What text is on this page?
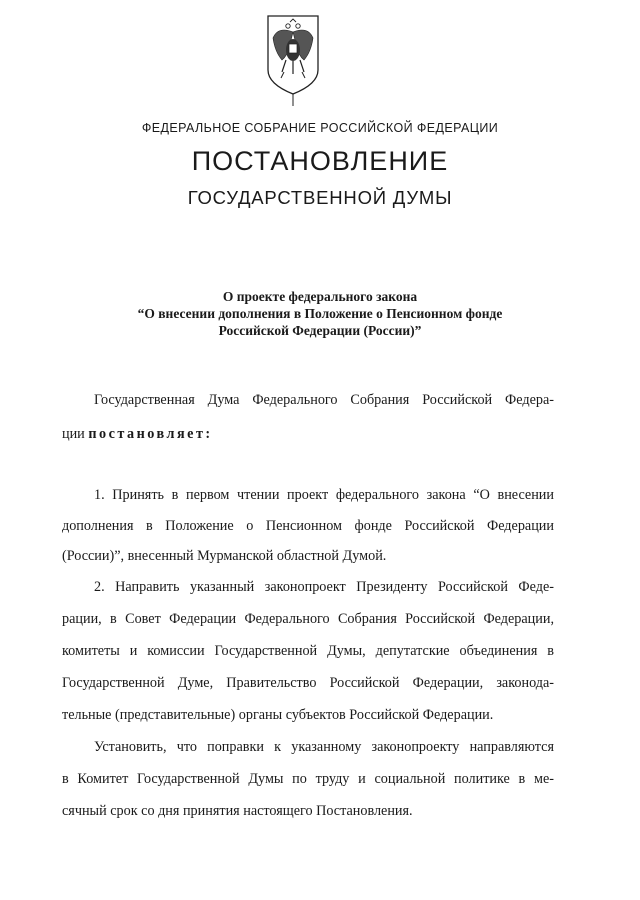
ФЕДЕРАЛЬНОЕ СОБРАНИЕ РОССИЙСКОЙ ФЕДЕРАЦИИ
ПОСТАНОВЛЕНИЕ
ГОСУДАРСТВЕННОЙ ДУМЫ
О проекте федерального закона
“О внесении дополнения в Положение о Пенсионном фонде
Российской Федерации (России)”
Государственная Дума Федерального Собрания Российской Федера-
ции постановляет:
1. Принять в первом чтении проект федерального закона “О внесении
дополнения в Положение о Пенсионном фонде Российской Федерации
(России)”, внесенный Мурманской областной Думой.
2. Направить указанный законопроект Президенту Российской Феде-
рации, в Совет Федерации Федерального Собрания Российской Федерации,
комитеты и комиссии Государственной Думы, депутатские объединения в
Государственной Думе, Правительство Российской Федерации, законода-
тельные (представительные) органы субъектов Российской Федерации.
Установить, что поправки к указанному законопроекту направляются
в Комитет Государственной Думы по труду и социальной политике в ме-
сячный срок со дня принятия настоящего Постановления.
